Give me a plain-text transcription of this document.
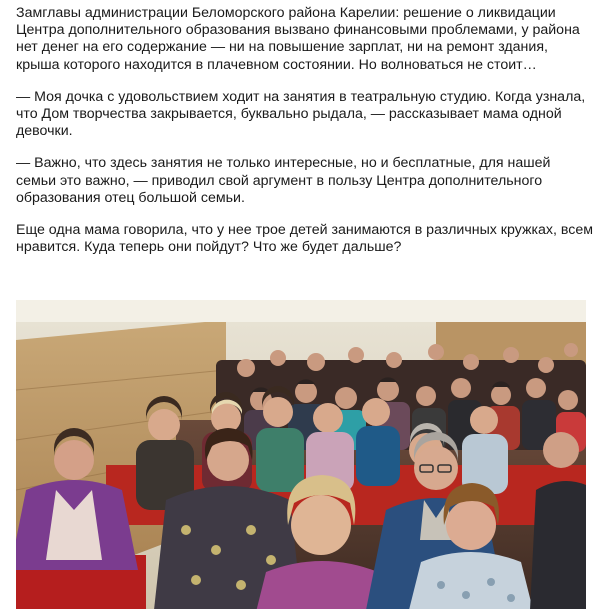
Замглавы администрации Беломорского района Карелии: решение о ликвидации Центра дополнительного образования вызвано финансовыми проблемами, у района нет денег на его содержание — ни на повышение зарплат, ни на ремонт здания, крыша которого находится в плачевном состоянии. Но волноваться не стоит…

— Моя дочка с удовольствием ходит на занятия в театральную студию. Когда узнала, что Дом творчества закрывается, буквально рыдала, — рассказывает мама одной девочки.

— Важно, что здесь занятия не только интересные, но и бесплатные, для нашей семьи это важно, — приводил свой аргумент в пользу Центра дополнительного образования отец большой семьи.

Еще одна мама говорила, что у нее трое детей занимаются в различных кружках, всем нравится. Куда теперь они пойдут? Что же будет дальше?
